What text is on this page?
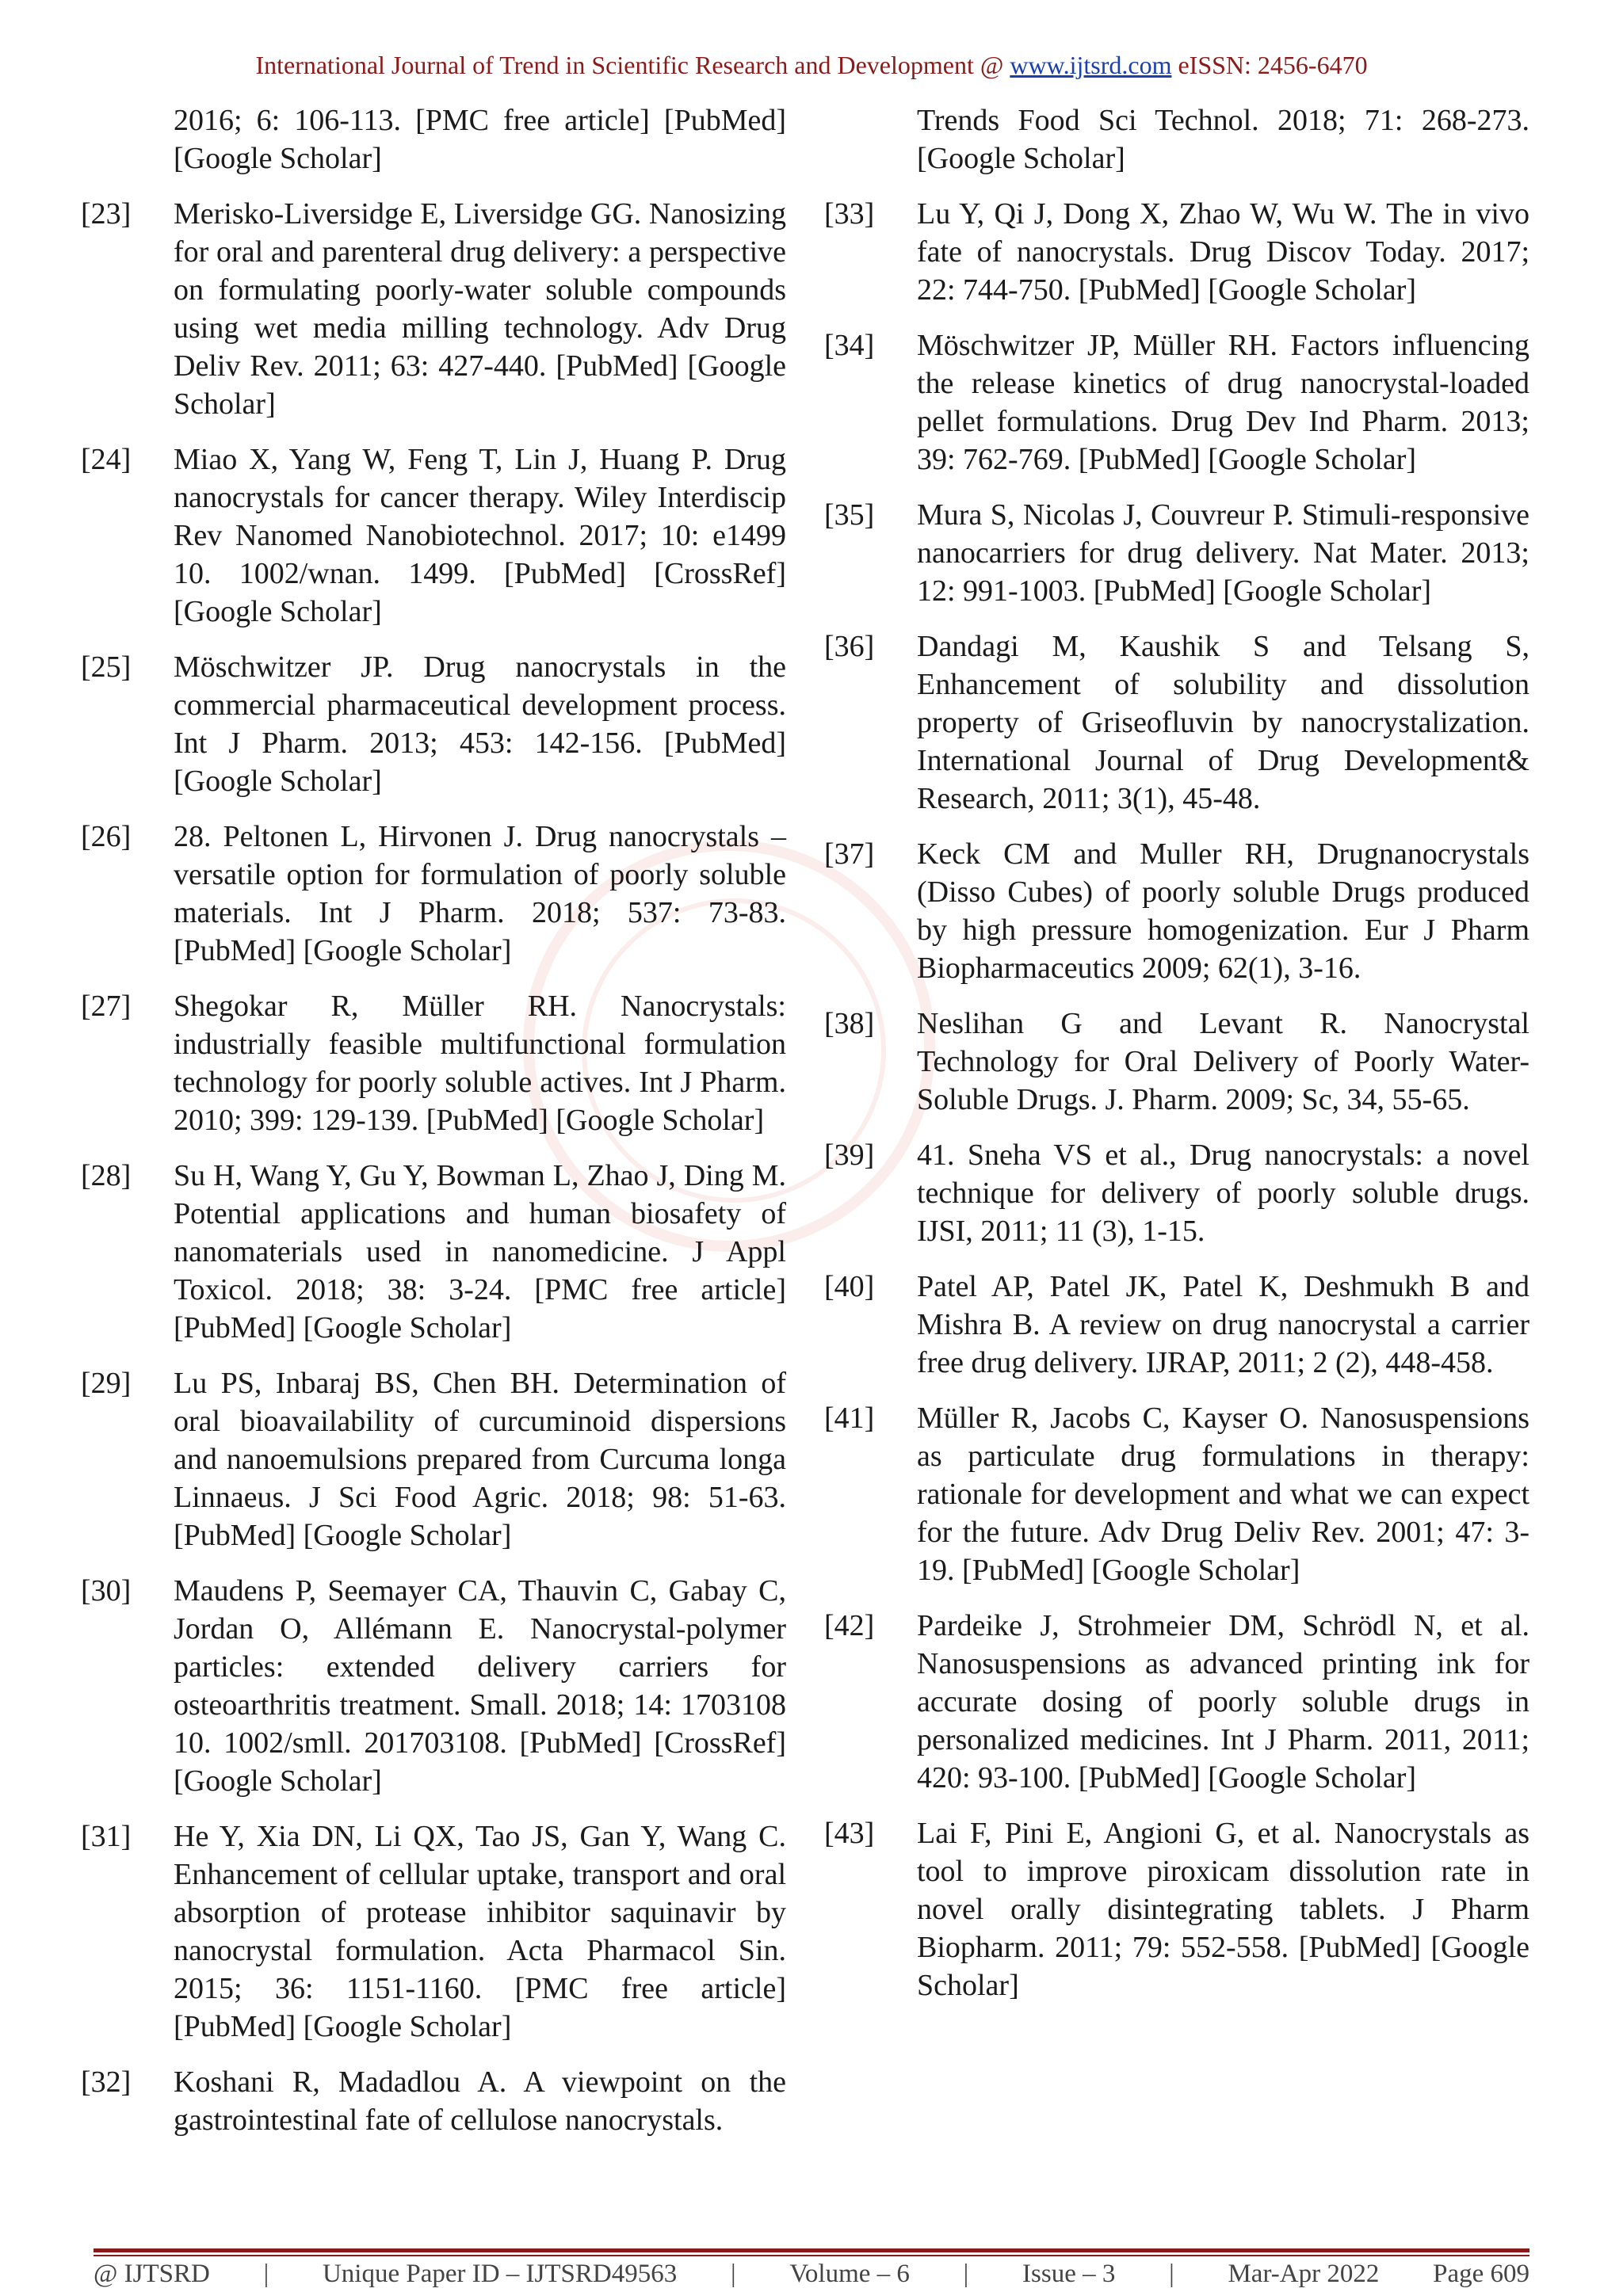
International Journal of Trend in Scientific Research and Development @ www.ijtsrd.com eISSN: 2456-6470
2016; 6: 106-113. [PMC free article] [PubMed] [Google Scholar]
[23]	Merisko-Liversidge E, Liversidge GG. Nanosizing for oral and parenteral drug delivery: a perspective on formulating poorly-water soluble compounds using wet media milling technology. Adv Drug Deliv Rev. 2011; 63: 427-440. [PubMed] [Google Scholar]
[24]	Miao X, Yang W, Feng T, Lin J, Huang P. Drug nanocrystals for cancer therapy. Wiley Interdiscip Rev Nanomed Nanobiotechnol. 2017; 10: e1499 10. 1002/wnan. 1499. [PubMed] [CrossRef] [Google Scholar]
[25]	Möschwitzer JP. Drug nanocrystals in the commercial pharmaceutical development process. Int J Pharm. 2013; 453: 142-156. [PubMed] [Google Scholar]
[26]	28. Peltonen L, Hirvonen J. Drug nanocrystals – versatile option for formulation of poorly soluble materials. Int J Pharm. 2018; 537: 73-83. [PubMed] [Google Scholar]
[27]	Shegokar R, Müller RH. Nanocrystals: industrially feasible multifunctional formulation technology for poorly soluble actives. Int J Pharm. 2010; 399: 129-139. [PubMed] [Google Scholar]
[28]	Su H, Wang Y, Gu Y, Bowman L, Zhao J, Ding M. Potential applications and human biosafety of nanomaterials used in nanomedicine. J Appl Toxicol. 2018; 38: 3-24. [PMC free article] [PubMed] [Google Scholar]
[29]	Lu PS, Inbaraj BS, Chen BH. Determination of oral bioavailability of curcuminoid dispersions and nanoemulsions prepared from Curcuma longa Linnaeus. J Sci Food Agric. 2018; 98: 51-63. [PubMed] [Google Scholar]
[30]	Maudens P, Seemayer CA, Thauvin C, Gabay C, Jordan O, Allémann E. Nanocrystal-polymer particles: extended delivery carriers for osteoarthritis treatment. Small. 2018; 14: 1703108 10. 1002/smll. 201703108. [PubMed] [CrossRef] [Google Scholar]
[31]	He Y, Xia DN, Li QX, Tao JS, Gan Y, Wang C. Enhancement of cellular uptake, transport and oral absorption of protease inhibitor saquinavir by nanocrystal formulation. Acta Pharmacol Sin. 2015; 36: 1151-1160. [PMC free article] [PubMed] [Google Scholar]
[32]	Koshani R, Madadlou A. A viewpoint on the gastrointestinal fate of cellulose nanocrystals.
Trends Food Sci Technol. 2018; 71: 268-273. [Google Scholar]
[33]	Lu Y, Qi J, Dong X, Zhao W, Wu W. The in vivo fate of nanocrystals. Drug Discov Today. 2017; 22: 744-750. [PubMed] [Google Scholar]
[34]	Möschwitzer JP, Müller RH. Factors influencing the release kinetics of drug nanocrystal-loaded pellet formulations. Drug Dev Ind Pharm. 2013; 39: 762-769. [PubMed] [Google Scholar]
[35]	Mura S, Nicolas J, Couvreur P. Stimuli-responsive nanocarriers for drug delivery. Nat Mater. 2013; 12: 991-1003. [PubMed] [Google Scholar]
[36]	Dandagi M, Kaushik S and Telsang S, Enhancement of solubility and dissolution property of Griseofluvin by nanocrystalization. International Journal of Drug Development& Research, 2011; 3(1), 45-48.
[37]	Keck CM and Muller RH, Drugnanocrystals (Disso Cubes) of poorly soluble Drugs produced by high pressure homogenization. Eur J Pharm Biopharmaceutics 2009; 62(1), 3-16.
[38]	Neslihan G and Levant R. Nanocrystal Technology for Oral Delivery of Poorly Water-Soluble Drugs. J. Pharm. 2009; Sc, 34, 55-65.
[39]	41. Sneha VS et al., Drug nanocrystals: a novel technique for delivery of poorly soluble drugs. IJSI, 2011; 11 (3), 1-15.
[40]	Patel AP, Patel JK, Patel K, Deshmukh B and Mishra B. A review on drug nanocrystal a carrier free drug delivery. IJRAP, 2011; 2 (2), 448-458.
[41]	Müller R, Jacobs C, Kayser O. Nanosuspensions as particulate drug formulations in therapy: rationale for development and what we can expect for the future. Adv Drug Deliv Rev. 2001; 47: 3-19. [PubMed] [Google Scholar]
[42]	Pardeike J, Strohmeier DM, Schrödl N, et al. Nanosuspensions as advanced printing ink for accurate dosing of poorly soluble drugs in personalized medicines. Int J Pharm. 2011, 2011; 420: 93-100. [PubMed] [Google Scholar]
[43]	Lai F, Pini E, Angioni G, et al. Nanocrystals as tool to improve piroxicam dissolution rate in novel orally disintegrating tablets. J Pharm Biopharm. 2011; 79: 552-558. [PubMed] [Google Scholar]
@ IJTSRD | Unique Paper ID – IJTSRD49563 | Volume – 6 | Issue – 3 | Mar-Apr 2022 Page 609
